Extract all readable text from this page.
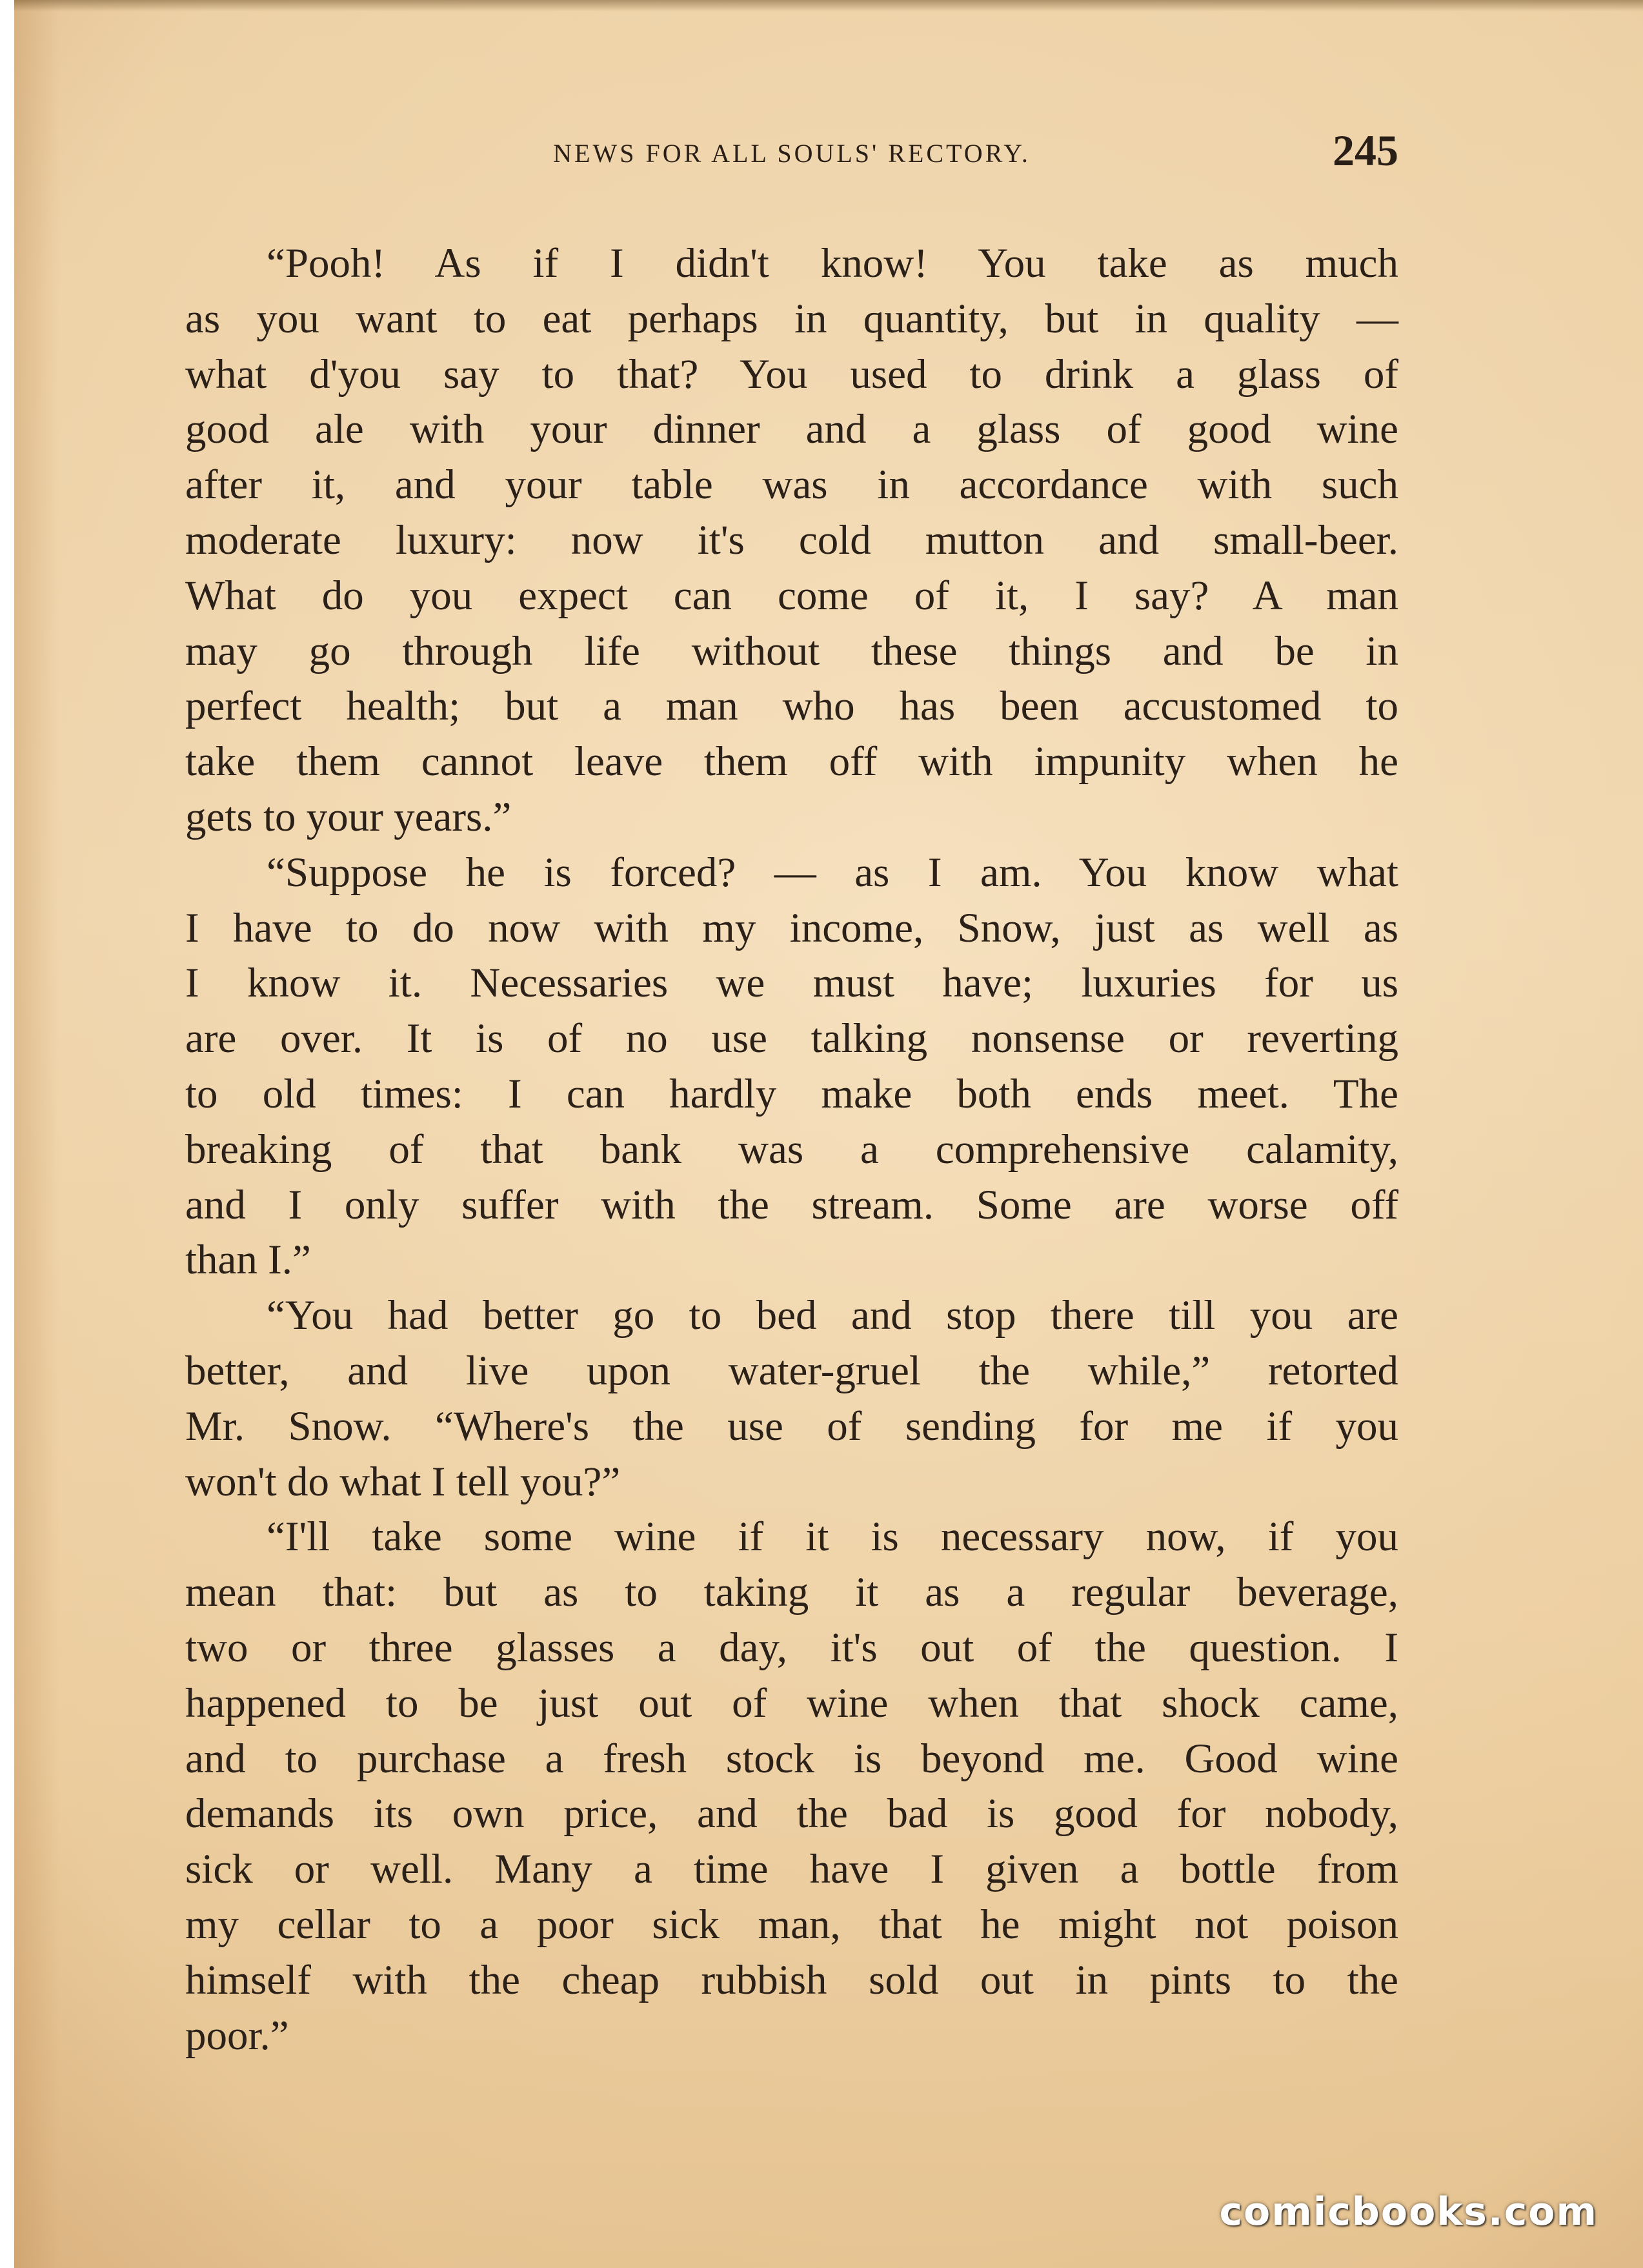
NEWS FOR ALL SOULS' RECTORY.	245
“Pooh! As if I didn't know! You take as much
as you want to eat perhaps in quantity, but in quality —
what d'you say to that? You used to drink a glass of
good ale with your dinner and a glass of good wine
after it, and your table was in accordance with such
moderate luxury: now it's cold mutton and small-beer.
What do you expect can come of it, I say? A man
may go through life without these things and be in
perfect health; but a man who has been accustomed to
take them cannot leave them off with impunity when he
gets to your years.”
“Suppose he is forced? — as I am. You know what
I have to do now with my income, Snow, just as well as
I know it. Necessaries we must have; luxuries for us
are over. It is of no use talking nonsense or reverting
to old times: I can hardly make both ends meet. The
breaking of that bank was a comprehensive calamity,
and I only suffer with the stream. Some are worse off
than I.”
“You had better go to bed and stop there till you are
better, and live upon water-gruel the while,” retorted
Mr. Snow. “Where's the use of sending for me if you
won't do what I tell you?”
“I'll take some wine if it is necessary now, if you
mean that: but as to taking it as a regular beverage,
two or three glasses a day, it's out of the question. I
happened to be just out of wine when that shock came,
and to purchase a fresh stock is beyond me. Good wine
demands its own price, and the bad is good for nobody,
sick or well. Many a time have I given a bottle from
my cellar to a poor sick man, that he might not poison
himself with the cheap rubbish sold out in pints to the
poor.”
comicbooks.com
